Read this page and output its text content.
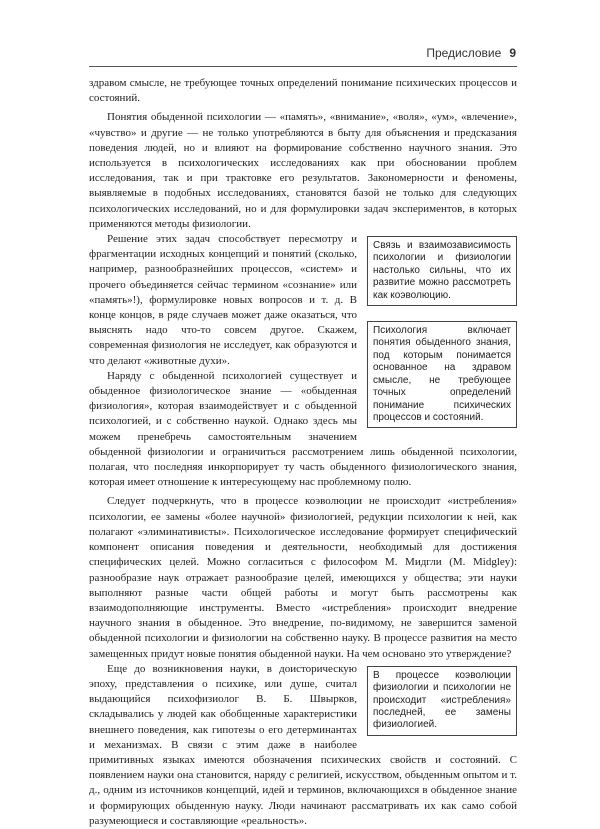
Предисловие 9

здравом смысле, не требующее точных определений понимание психических процессов и состояний.

Понятия обыденной психологии — «память», «внимание», «воля», «ум», «влечение», «чувство» и другие — не только употребляются в быту для объяснения и предсказания поведения людей, но и влияют на формирование собственно научного знания. Это используется в психологических исследованиях как при обосновании проблем исследования, так и при трактовке его результатов. Закономерности и феномены, выявляемые в подобных исследованиях, становятся базой не только для следующих психологических исследований, но и для формулировки задач экспериментов, в которых применяются методы физиологии.

Связь и взаимозависимость психологии и физиологии настолько сильны, что их развитие можно рассмотреть как коэволюцию.
Психология включает понятия обыденного знания, под которым понимается основанное на здравом смысле, не требующее точных определений понимание психических процессов и состояний.

Решение этих задач способствует пересмотру и фрагментации исходных концепций и понятий (сколько, например, разнообразнейших процессов, «систем» и прочего объединяется сейчас термином «сознание» или «память»!), формулировке новых вопросов и т. д. В конце концов, в ряде случаев может даже оказаться, что выяснять надо что-то совсем другое. Скажем, современная физиология не исследует, как образуются и что делают «животные духи».

Наряду с обыденной психологией существует и обыденное физиологическое знание — «обыденная физиология», которая взаимодействует и с обыденной психологией, и с собственно наукой. Однако здесь мы можем пренебречь самостоятельным значением обыденной физиологии и ограничиться рассмотрением лишь обыденной психологии, полагая, что последняя инкорпорирует ту часть обыденного физиологического знания, которая имеет отношение к интересующему нас проблемному полю.

Следует подчеркнуть, что в процессе коэволюции не происходит «истребления» психологии, ее замены «более научной» физиологией, редукции психологии к ней, как полагают «элиминативисты». Психологическое исследование формирует специфический компонент описания поведения и деятельности, необходимый для достижения специфических целей. Можно согласиться с философом М. Мидгли (M. Midgley): разнообразие наук отражает разнообразие целей, имеющихся у общества; эти науки выполняют разные части общей работы и могут быть рассмотрены как взаимодополняющие инструменты. Вместо «истребления» происходит внедрение научного знания в обыденное. Это внедрение, по-видимому, не завершится заменой обыденной психологии и физиологии на собственно науку. В процессе развития на место замещенных придут новые понятия обыденной науки. На чем основано это утверждение?

В процессе коэволюции физиологии и психологии не происходит «истребления» последней, ее замены физиологией.

Еще до возникновения науки, в доисторическую эпоху, представления о психике, или душе, считал выдающийся психофизиолог В. Б. Швырков, складывались у людей как обобщенные характеристики внешнего поведения, как гипотезы о его детерминантах и механизмах. В связи с этим даже в наиболее примитивных языках имеются обозначения психических свойств и состояний. С появлением науки она становится, наряду с религией, искусством, обыденным опытом и т. д., одним из источников концепций, идей и терминов, включающихся в обыденное знание и формирующих обыденную науку. Люди начинают рассматривать их как само собой разумеющиеся и составляющие «реальность».
